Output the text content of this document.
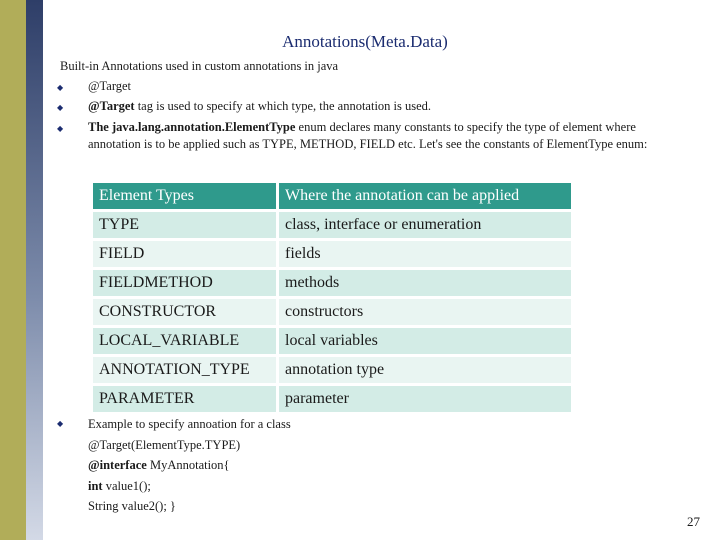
Annotations(Meta.Data)
Built-in Annotations used in custom annotations in java
◆ @Target
◆ @Target tag is used to specify at which type, the annotation is used.
◆ The java.lang.annotation.ElementType enum declares many constants to specify the type of element where annotation is to be applied such as TYPE, METHOD, FIELD etc. Let's see the constants of ElementType enum:
Element Types	Where the annotation can be applied
TYPE	class, interface or enumeration
FIELD	fields
FIELDMETHOD	methods
CONSTRUCTOR	constructors
LOCAL_VARIABLE	local variables
ANNOTATION_TYPE	annotation type
PARAMETER	parameter
◆ Example to specify annoation for a class
@Target(ElementType.TYPE)
@interface MyAnnotation{
int value1();
String value2(); }
27
